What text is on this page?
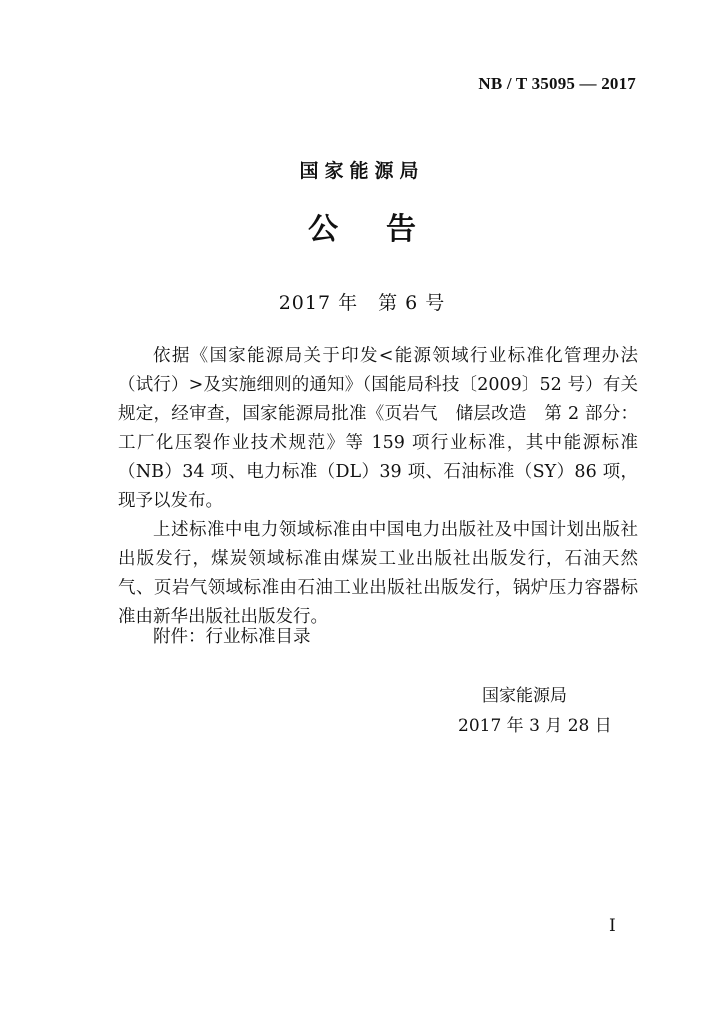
NB / T 35095 — 2017
国家能源局
公告
2017 年　第 6 号

依据《国家能源局关于印发<能源领域行业标准化管理办法（试行）>及实施细则的通知》（国能局科技〔2009〕52 号）有关规定，经审查，国家能源局批准《页岩气　储层改造　第 2 部分：工厂化压裂作业技术规范》等 159 项行业标准，其中能源标准（NB）34 项、电力标准（DL）39 项、石油标准（SY）86 项，现予以发布。

上述标准中电力领域标准由中国电力出版社及中国计划出版社出版发行，煤炭领域标准由煤炭工业出版社出版发行，石油天然气、页岩气领域标准由石油工业出版社出版发行，锅炉压力容器标准由新华出版社出版发行。

附件：行业标准目录
国家能源局
2017 年 3 月 28 日
I
